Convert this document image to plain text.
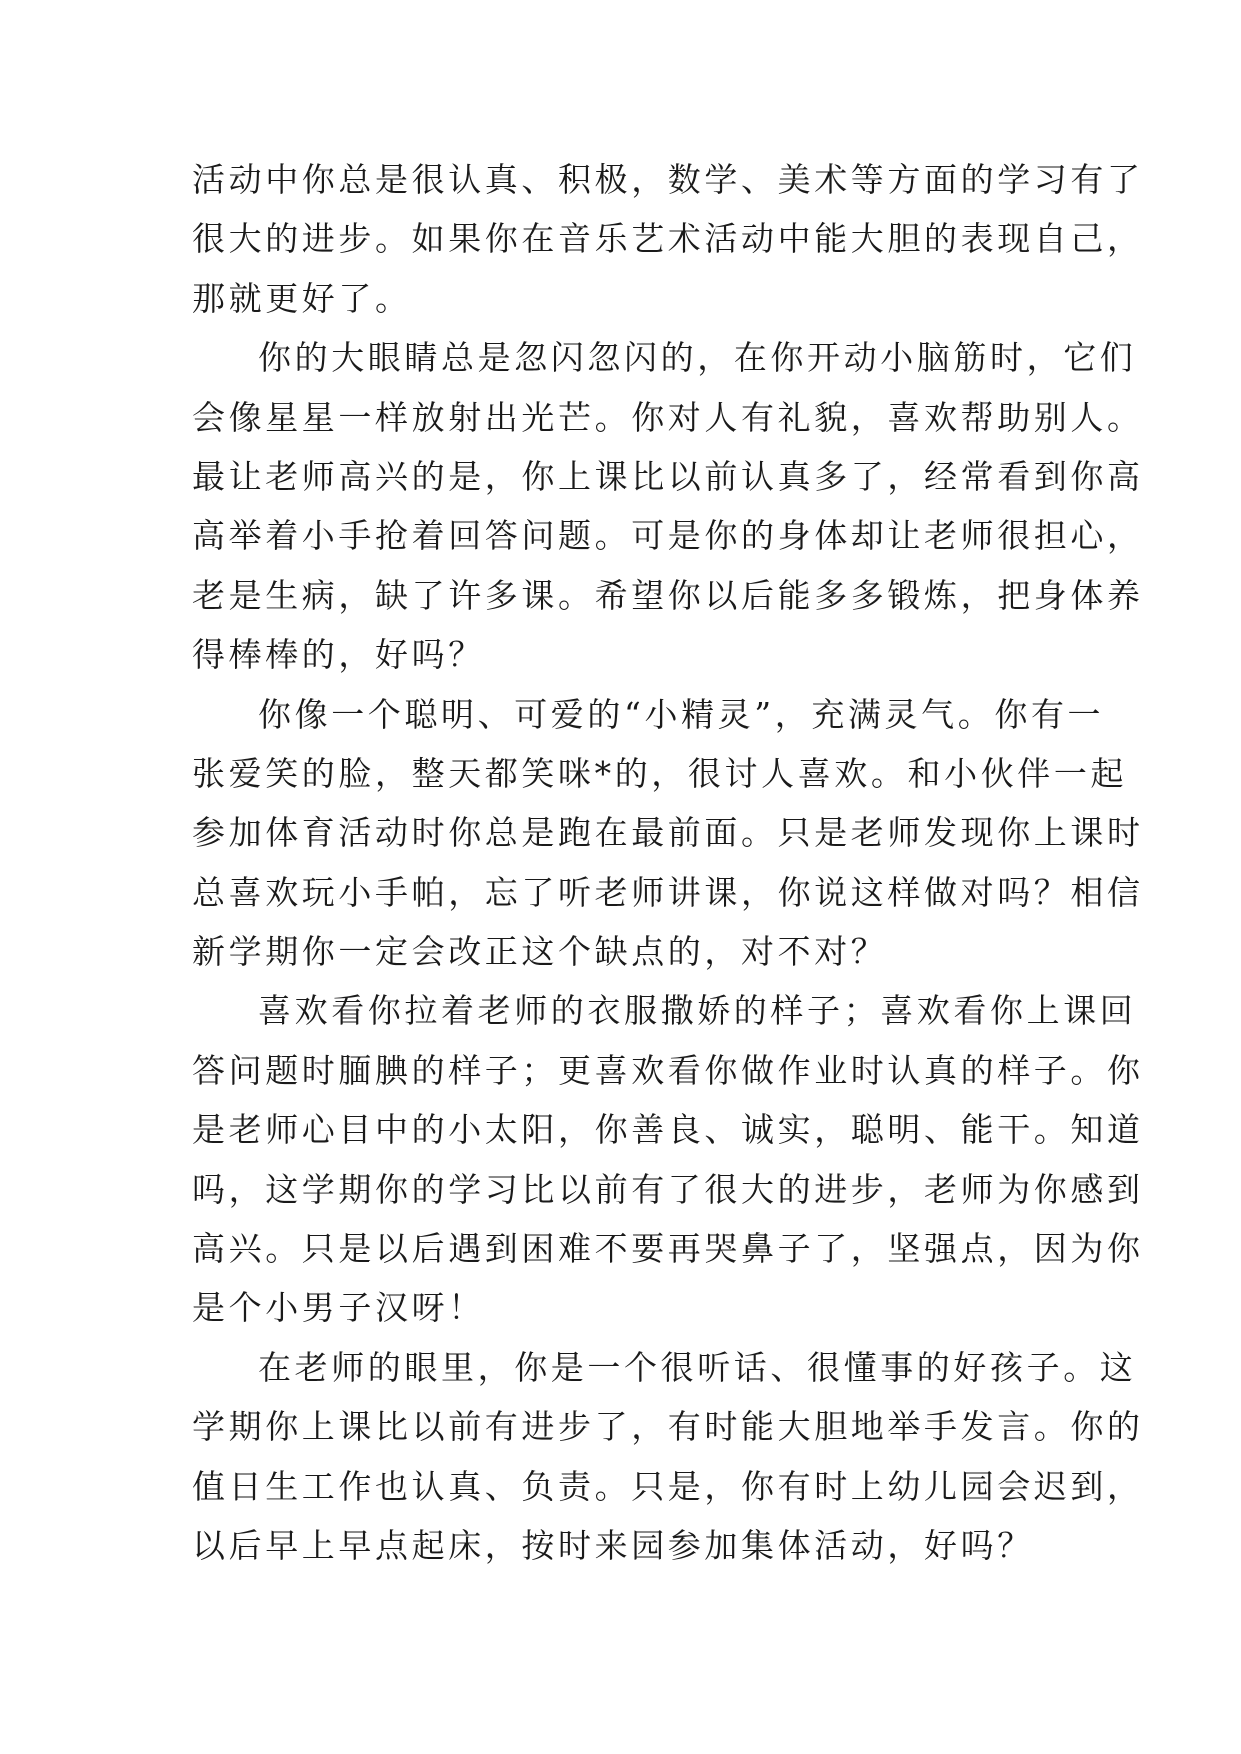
活动中你总是很认真、积极，数学、美术等方面的学习有了
很大的进步。如果你在音乐艺术活动中能大胆的表现自己，
那就更好了。
你的大眼睛总是忽闪忽闪的，在你开动小脑筋时，它们
会像星星一样放射出光芒。你对人有礼貌，喜欢帮助别人。
最让老师高兴的是，你上课比以前认真多了，经常看到你高
高举着小手抢着回答问题。可是你的身体却让老师很担心，
老是生病，缺了许多课。希望你以后能多多锻炼，把身体养
得棒棒的，好吗？
你像一个聪明、可爱的“小精灵”，充满灵气。你有一
张爱笑的脸，整天都笑咪*的，很讨人喜欢。和小伙伴一起
参加体育活动时你总是跑在最前面。只是老师发现你上课时
总喜欢玩小手帕，忘了听老师讲课，你说这样做对吗？相信
新学期你一定会改正这个缺点的，对不对？
喜欢看你拉着老师的衣服撒娇的样子；喜欢看你上课回
答问题时腼腆的样子；更喜欢看你做作业时认真的样子。你
是老师心目中的小太阳，你善良、诚实，聪明、能干。知道
吗，这学期你的学习比以前有了很大的进步，老师为你感到
高兴。只是以后遇到困难不要再哭鼻子了，坚强点，因为你
是个小男子汉呀！
在老师的眼里，你是一个很听话、很懂事的好孩子。这
学期你上课比以前有进步了，有时能大胆地举手发言。你的
值日生工作也认真、负责。只是，你有时上幼儿园会迟到，
以后早上早点起床，按时来园参加集体活动，好吗？
